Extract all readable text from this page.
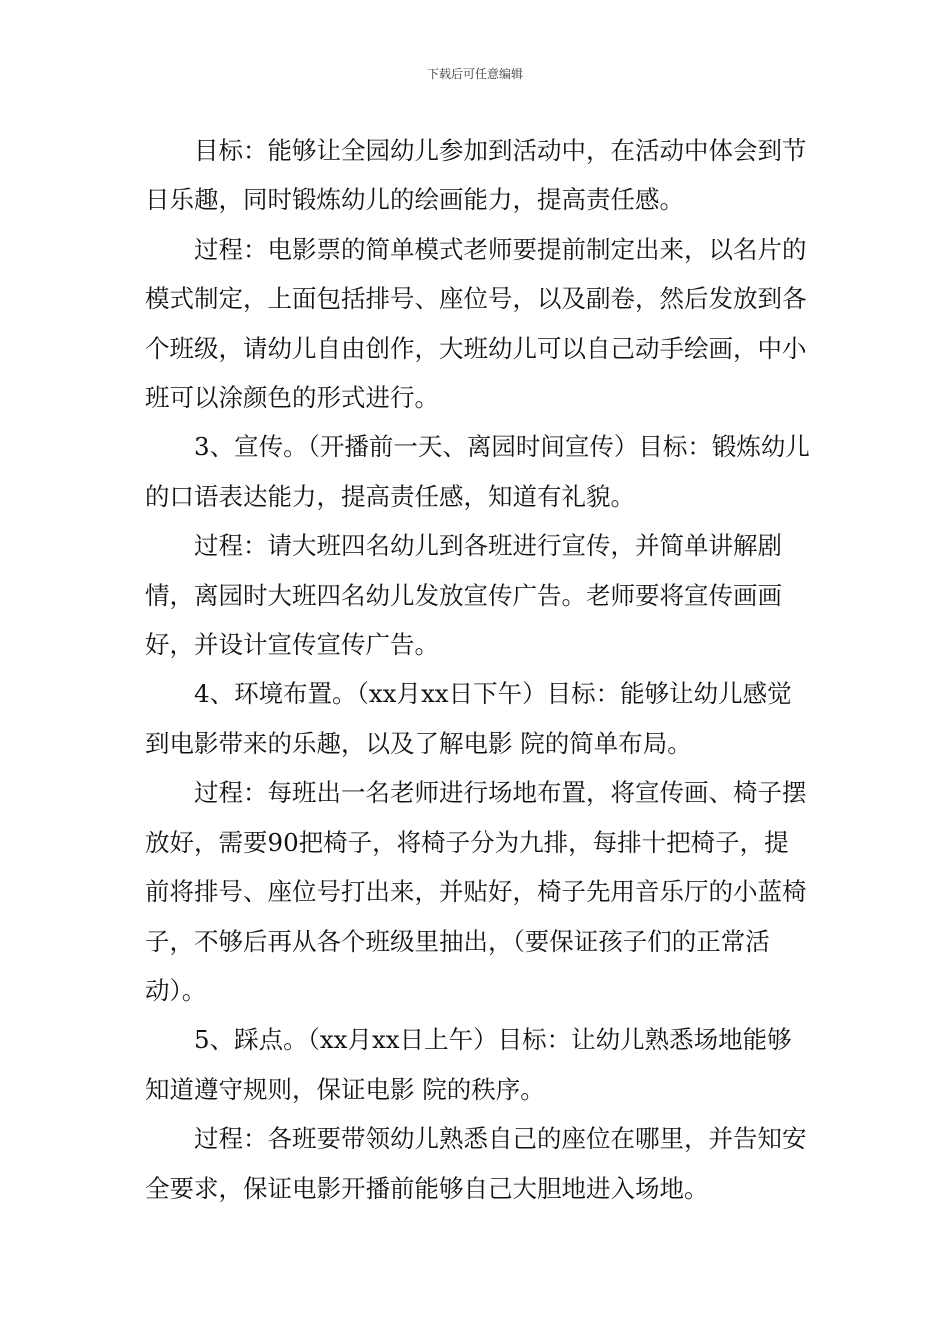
下载后可任意编辑

目标：能够让全园幼儿参加到活动中，在活动中体会到节日乐趣，同时锻炼幼儿的绘画能力，提高责任感。

过程：电影票的简单模式老师要提前制定出来，以名片的模式制定，上面包括排号、座位号，以及副卷，然后发放到各个班级，请幼儿自由创作，大班幼儿可以自己动手绘画，中小班可以涂颜色的形式进行。

3、宣传。（开播前一天、离园时间宣传）目标：锻炼幼儿的口语表达能力，提高责任感，知道有礼貌。

过程：请大班四名幼儿到各班进行宣传，并简单讲解剧情，离园时大班四名幼儿发放宣传广告。老师要将宣传画画好，并设计宣传宣传广告。

4、环境布置。（xx月xx日下午）目标：能够让幼儿感觉到电影带来的乐趣，以及了解电影 院的简单布局。

过程：每班出一名老师进行场地布置，将宣传画、椅子摆放好，需要90把椅子，将椅子分为九排，每排十把椅子，提前将排号、座位号打出来，并贴好，椅子先用音乐厅的小蓝椅子，不够后再从各个班级里抽出，（要保证孩子们的正常活动）。

5、踩点。（xx月xx日上午）目标：让幼儿熟悉场地能够知道遵守规则，保证电影 院的秩序。

过程：各班要带领幼儿熟悉自己的座位在哪里，并告知安全要求，保证电影开播前能够自己大胆地进入场地。
